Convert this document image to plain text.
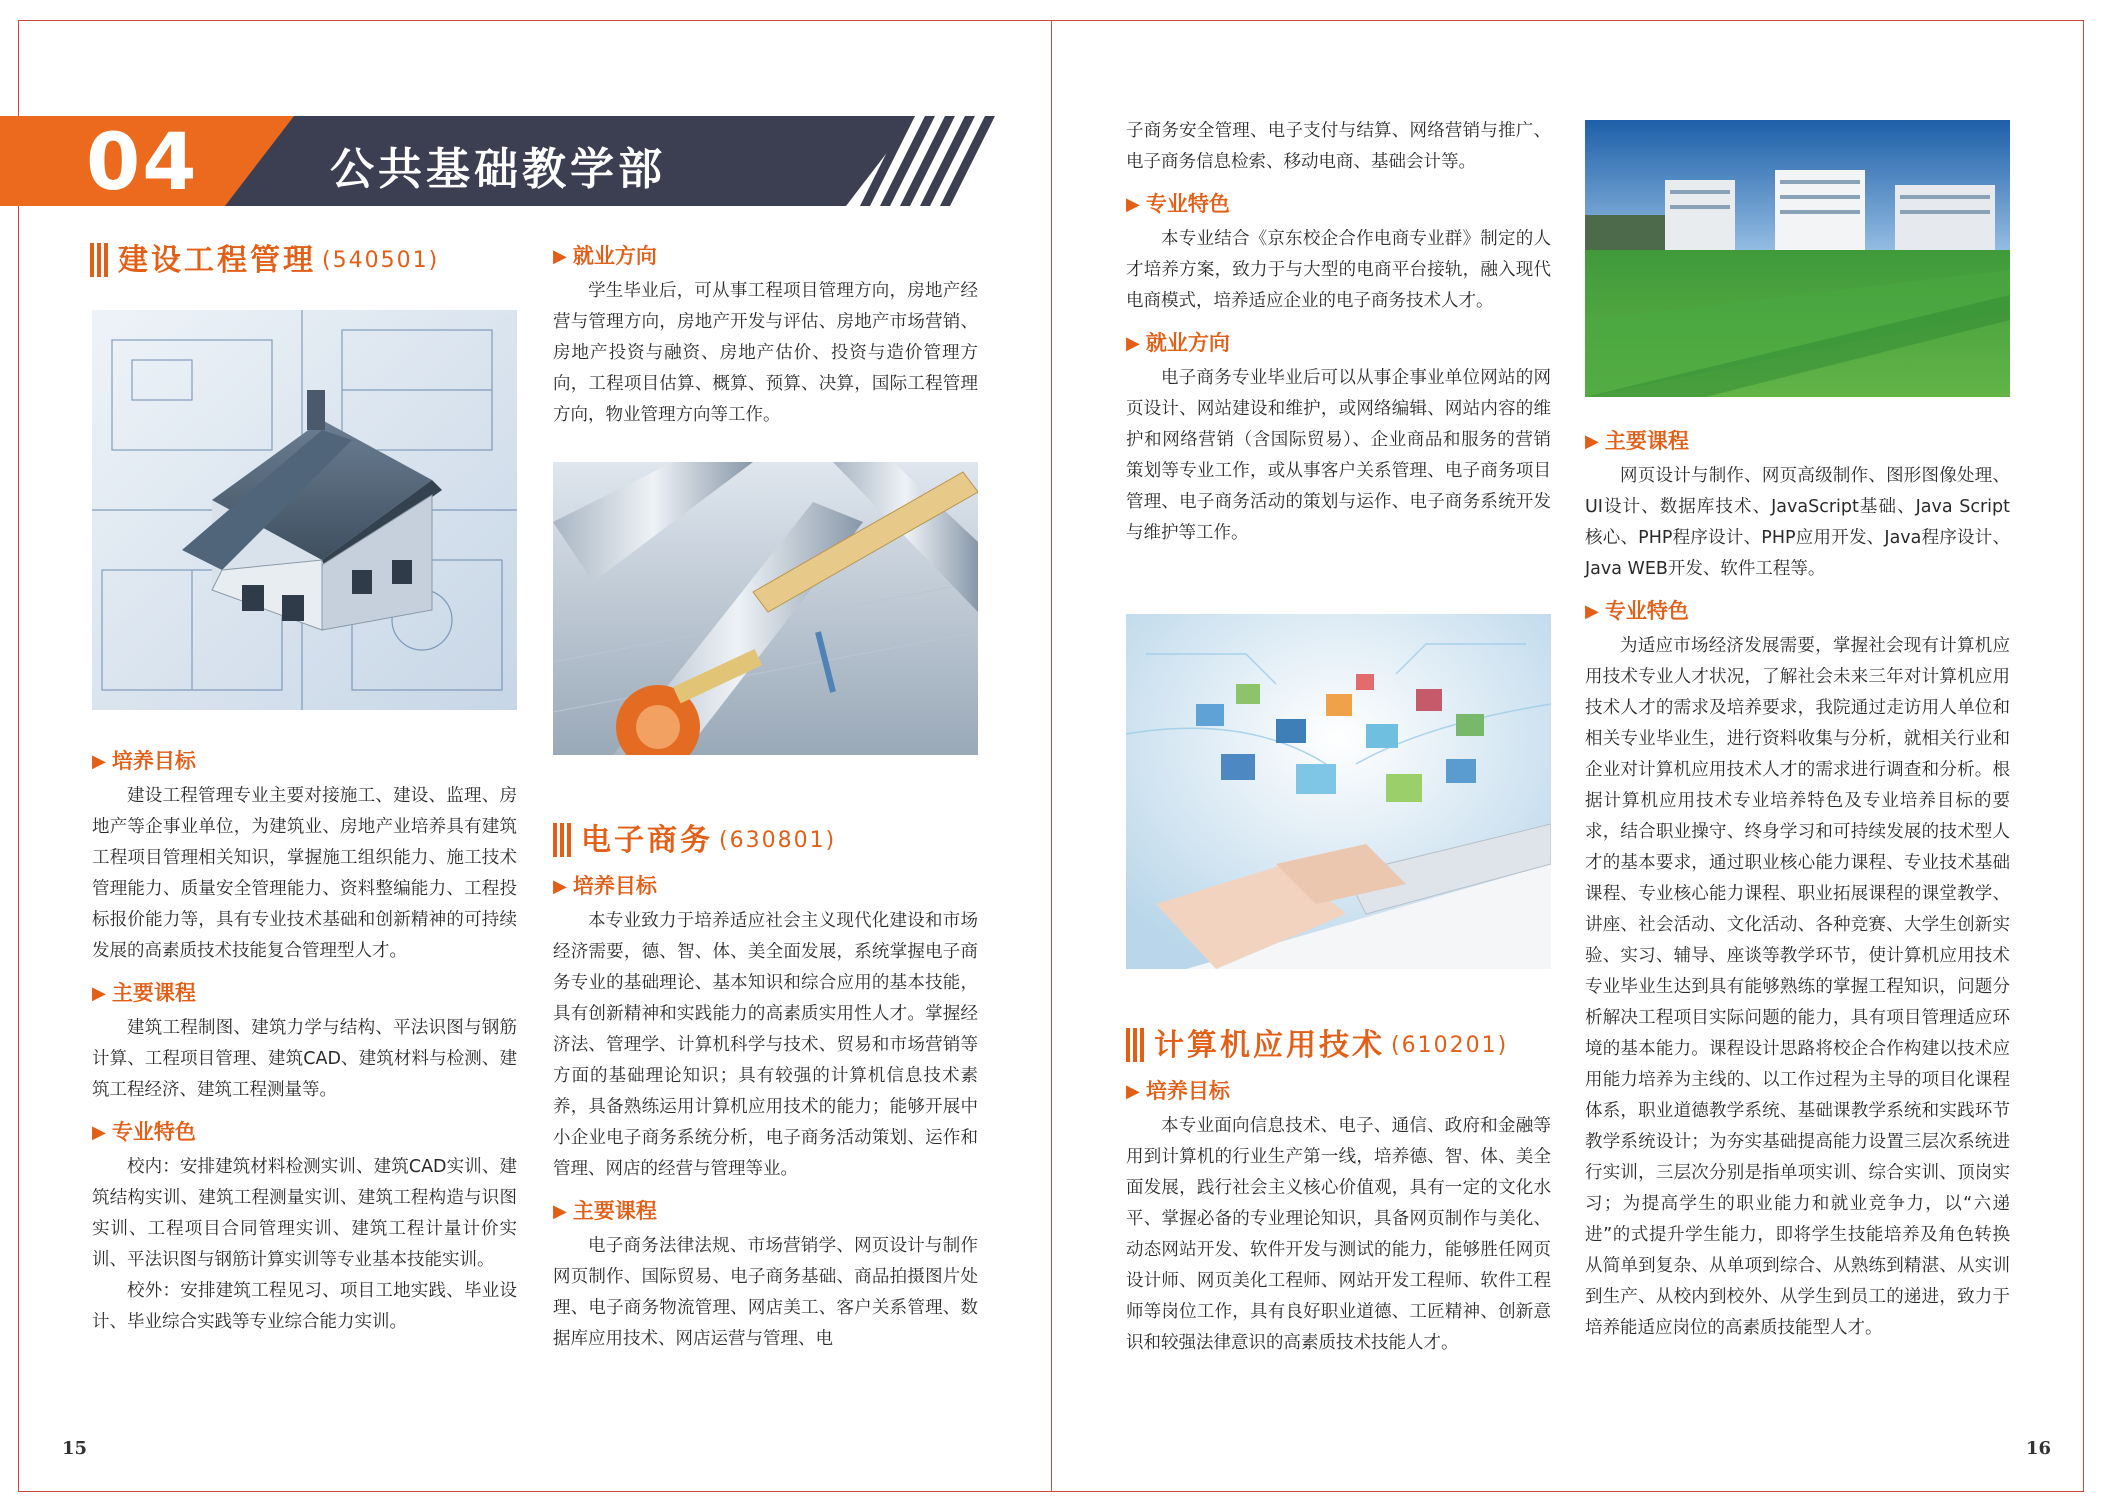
04	公共基础教学部
建设工程管理 (540501)
▶ 培养目标

建设工程管理专业主要对接施工、建设、监理、房地产等企事业单位，为建筑业、房地产业培养具有建筑工程项目管理相关知识，掌握施工组织能力、施工技术管理能力、质量安全管理能力、资料整编能力、工程投标报价能力等，具有专业技术基础和创新精神的可持续发展的高素质技术技能复合管理型人才。

▶ 主要课程

建筑工程制图、建筑力学与结构、平法识图与钢筋计算、工程项目管理、建筑CAD、建筑材料与检测、建筑工程经济、建筑工程测量等。

▶ 专业特色

校内：安排建筑材料检测实训、建筑CAD实训、建筑结构实训、建筑工程测量实训、建筑工程构造与识图实训、工程项目合同管理实训、建筑工程计量计价实训、平法识图与钢筋计算实训等专业基本技能实训。

校外：安排建筑工程见习、项目工地实践、毕业设计、毕业综合实践等专业综合能力实训。

▶ 就业方向

学生毕业后，可从事工程项目管理方向，房地产经营与管理方向，房地产开发与评估、房地产市场营销、房地产投资与融资、房地产估价、投资与造价管理方向，工程项目估算、概算、预算、决算，国际工程管理方向，物业管理方向等工作。

电子商务 (630801)
▶ 培养目标

本专业致力于培养适应社会主义现代化建设和市场经济需要，德、智、体、美全面发展，系统掌握电子商务专业的基础理论、基本知识和综合应用的基本技能，具有创新精神和实践能力的高素质实用性人才。掌握经济法、管理学、计算机科学与技术、贸易和市场营销等方面的基础理论知识；具有较强的计算机信息技术素养，具备熟练运用计算机应用技术的能力；能够开展中小企业电子商务系统分析，电子商务活动策划、运作和管理、网店的经营与管理等业。

▶ 主要课程

电子商务法律法规、市场营销学、网页设计与制作网页制作、国际贸易、电子商务基础、商品拍摄图片处理、电子商务物流管理、网店美工、客户关系管理、数据库应用技术、网店运营与管理、电

子商务安全管理、电子支付与结算、网络营销与推广、电子商务信息检索、移动电商、基础会计等。

▶ 专业特色

本专业结合《京东校企合作电商专业群》制定的人才培养方案，致力于与大型的电商平台接轨，融入现代电商模式，培养适应企业的电子商务技术人才。

▶ 就业方向

电子商务专业毕业后可以从事企事业单位网站的网页设计、网站建设和维护，或网络编辑、网站内容的维护和网络营销（含国际贸易）、企业商品和服务的营销策划等专业工作，或从事客户关系管理、电子商务项目管理、电子商务活动的策划与运作、电子商务系统开发与维护等工作。

计算机应用技术 (610201)
▶ 培养目标

本专业面向信息技术、电子、通信、政府和金融等用到计算机的行业生产第一线，培养德、智、体、美全面发展，践行社会主义核心价值观，具有一定的文化水平、掌握必备的专业理论知识，具备网页制作与美化、动态网站开发、软件开发与测试的能力，能够胜任网页设计师、网页美化工程师、网站开发工程师、软件工程师等岗位工作，具有良好职业道德、工匠精神、创新意识和较强法律意识的高素质技术技能人才。

▶ 主要课程

网页设计与制作、网页高级制作、图形图像处理、UI设计、数据库技术、JavaScript基础、Java Script核心、PHP程序设计、PHP应用开发、Java程序设计、Java WEB开发、软件工程等。

▶ 专业特色

为适应市场经济发展需要，掌握社会现有计算机应用技术专业人才状况，了解社会未来三年对计算机应用技术人才的需求及培养要求，我院通过走访用人单位和相关专业毕业生，进行资料收集与分析，就相关行业和企业对计算机应用技术人才的需求进行调查和分析。根据计算机应用技术专业培养特色及专业培养目标的要求，结合职业操守、终身学习和可持续发展的技术型人才的基本要求，通过职业核心能力课程、专业技术基础课程、专业核心能力课程、职业拓展课程的课堂教学、讲座、社会活动、文化活动、各种竞赛、大学生创新实验、实习、辅导、座谈等教学环节，使计算机应用技术专业毕业生达到具有能够熟练的掌握工程知识，问题分析解决工程项目实际问题的能力，具有项目管理适应环境的基本能力。课程设计思路将校企合作构建以技术应用能力培养为主线的、以工作过程为主导的项目化课程体系，职业道德教学系统、基础课教学系统和实践环节教学系统设计；为夯实基础提高能力设置三层次系统进行实训，三层次分别是指单项实训、综合实训、顶岗实习；为提高学生的职业能力和就业竞争力，以“六递进”的式提升学生能力，即将学生技能培养及角色转换从简单到复杂、从单项到综合、从熟练到精湛、从实训到生产、从校内到校外、从学生到员工的递进，致力于培养能适应岗位的高素质技能型人才。

15	16
